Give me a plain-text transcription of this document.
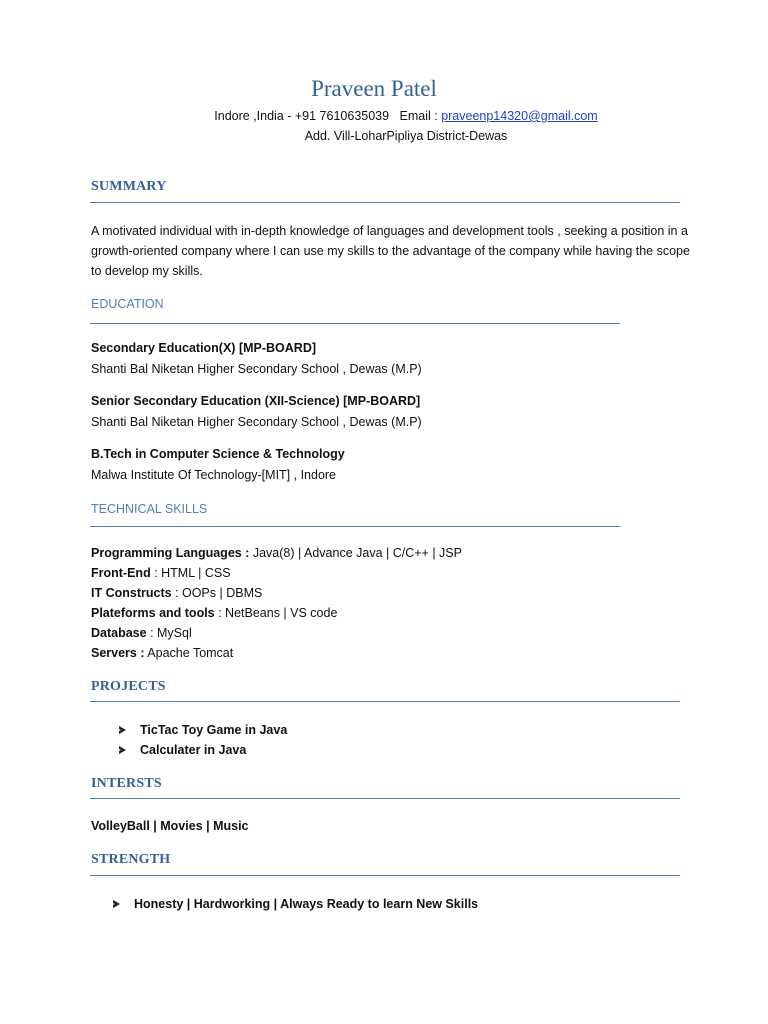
Praveen Patel
Indore ,India - +91 7610635039   Email : praveenp14320@gmail.com
Add. Vill-LoharPipliya District-Dewas
SUMMARY
A motivated individual with in-depth knowledge of languages and development tools , seeking a position in a growth-oriented company where I can use my skills to the advantage of the company while having the scope to develop my skills.
EDUCATION
Secondary Education(X) [MP-BOARD]
Shanti Bal Niketan Higher Secondary School , Dewas (M.P)
Senior Secondary Education (XII-Science) [MP-BOARD]
Shanti Bal Niketan Higher Secondary School , Dewas (M.P)
B.Tech in Computer Science & Technology
Malwa Institute Of Technology-[MIT] , Indore
TECHNICAL SKILLS
Programming Languages : Java(8) | Advance Java | C/C++ | JSP
Front-End : HTML | CSS
IT Constructs : OOPs | DBMS
Plateforms and tools : NetBeans | VS code
Database : MySql
Servers : Apache Tomcat
PROJECTS
TicTac Toy Game in Java
Calculater in Java
INTERSTS
VolleyBall | Movies | Music
STRENGTH
Honesty | Hardworking | Always Ready to learn New Skills
